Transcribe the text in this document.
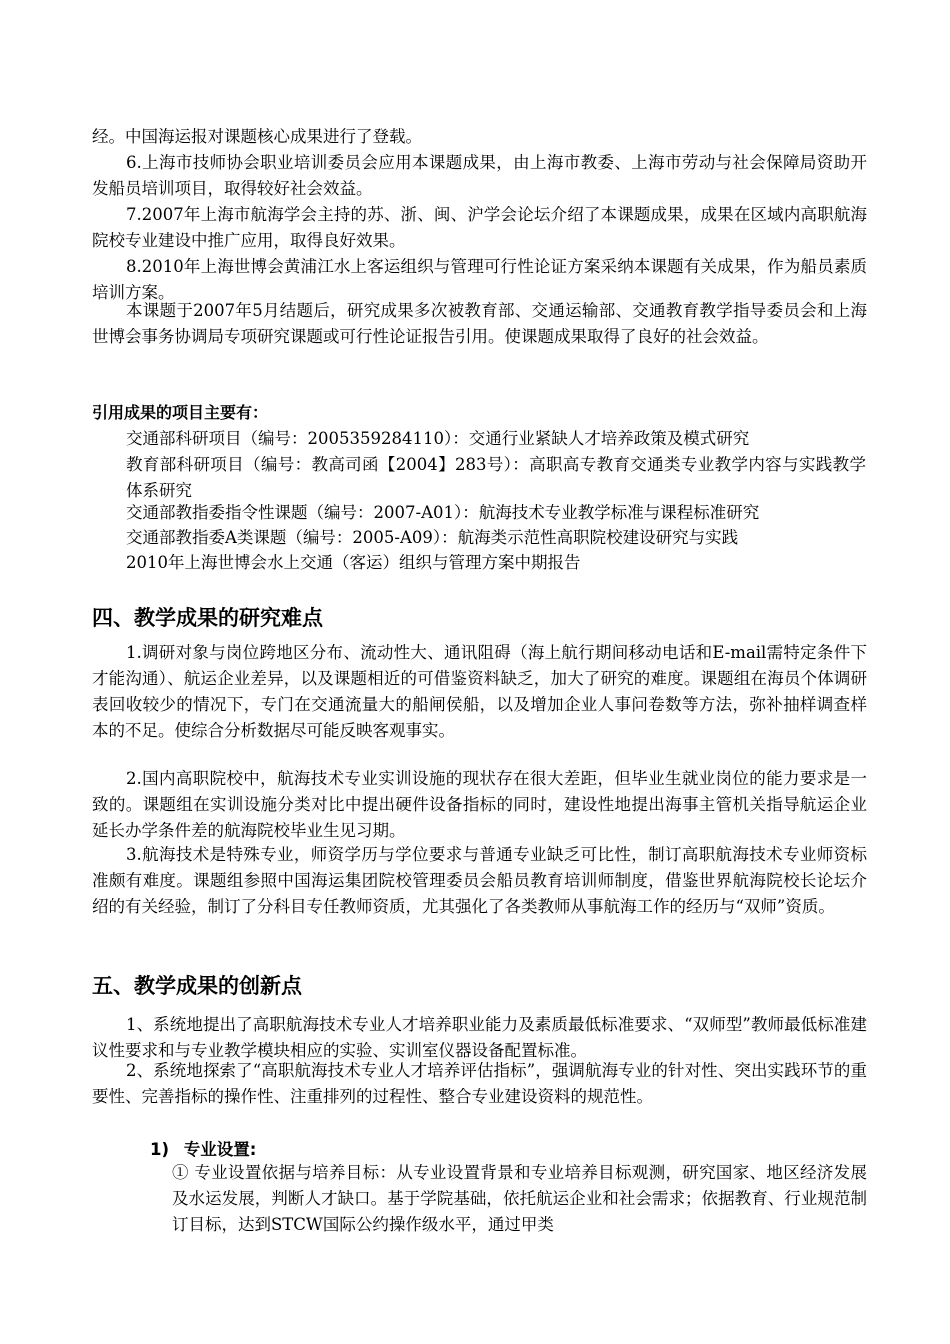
经。中国海运报对课题核心成果进行了登载。

6.上海市技师协会职业培训委员会应用本课题成果，由上海市教委、上海市劳动与社会保障局资助开发船员培训项目，取得较好社会效益。

7.2007年上海市航海学会主持的苏、浙、闽、沪学会论坛介绍了本课题成果，成果在区域内高职航海院校专业建设中推广应用，取得良好效果。

8.2010年上海世博会黄浦江水上客运组织与管理可行性论证方案采纳本课题有关成果，作为船员素质培训方案。

本课题于2007年5月结题后，研究成果多次被教育部、交通运输部、交通教育教学指导委员会和上海世博会事务协调局专项研究课题或可行性论证报告引用。使课题成果取得了良好的社会效益。

引用成果的项目主要有：

交通部科研项目（编号：2005359284110）：交通行业紧缺人才培养政策及模式研究

教育部科研项目（编号：教高司函【2004】283号）：高职高专教育交通类专业教学内容与实践教学体系研究

交通部教指委指令性课题（编号：2007-A01）：航海技术专业教学标准与课程标准研究

交通部教指委A类课题（编号：2005-A09）：航海类示范性高职院校建设研究与实践

2010年上海世博会水上交通（客运）组织与管理方案中期报告

四、教学成果的研究难点

1.调研对象与岗位跨地区分布、流动性大、通讯阻碍（海上航行期间移动电话和E-mail需特定条件下才能沟通）、航运企业差异，以及课题相近的可借鉴资料缺乏，加大了研究的难度。课题组在海员个体调研表回收较少的情况下，专门在交通流量大的船闸侯船，以及增加企业人事问卷数等方法，弥补抽样调查样本的不足。使综合分析数据尽可能反映客观事实。

2.国内高职院校中，航海技术专业实训设施的现状存在很大差距，但毕业生就业岗位的能力要求是一致的。课题组在实训设施分类对比中提出硬件设备指标的同时，建设性地提出海事主管机关指导航运企业延长办学条件差的航海院校毕业生见习期。

3.航海技术是特殊专业，师资学历与学位要求与普通专业缺乏可比性，制订高职航海技术专业师资标准颇有难度。课题组参照中国海运集团院校管理委员会船员教育培训师制度，借鉴世界航海院校长论坛介绍的有关经验，制订了分科目专任教师资质，尤其强化了各类教师从事航海工作的经历与“双师”资质。

五、教学成果的创新点

1、系统地提出了高职航海技术专业人才培养职业能力及素质最低标准要求、“双师型”教师最低标准建议性要求和与专业教学模块相应的实验、实训室仪器设备配置标准。

2、系统地探索了“高职航海技术专业人才培养评估指标”，强调航海专业的针对性、突出实践环节的重要性、完善指标的操作性、注重排列的过程性、整合专业建设资料的规范性。

1) 专业设置:

① 专业设置依据与培养目标：从专业设置背景和专业培养目标观测，研究国家、地区经济发展及水运发展，判断人才缺口。基于学院基础，依托航运企业和社会需求；依据教育、行业规范制订目标，达到STCW国际公约操作级水平，通过甲类
